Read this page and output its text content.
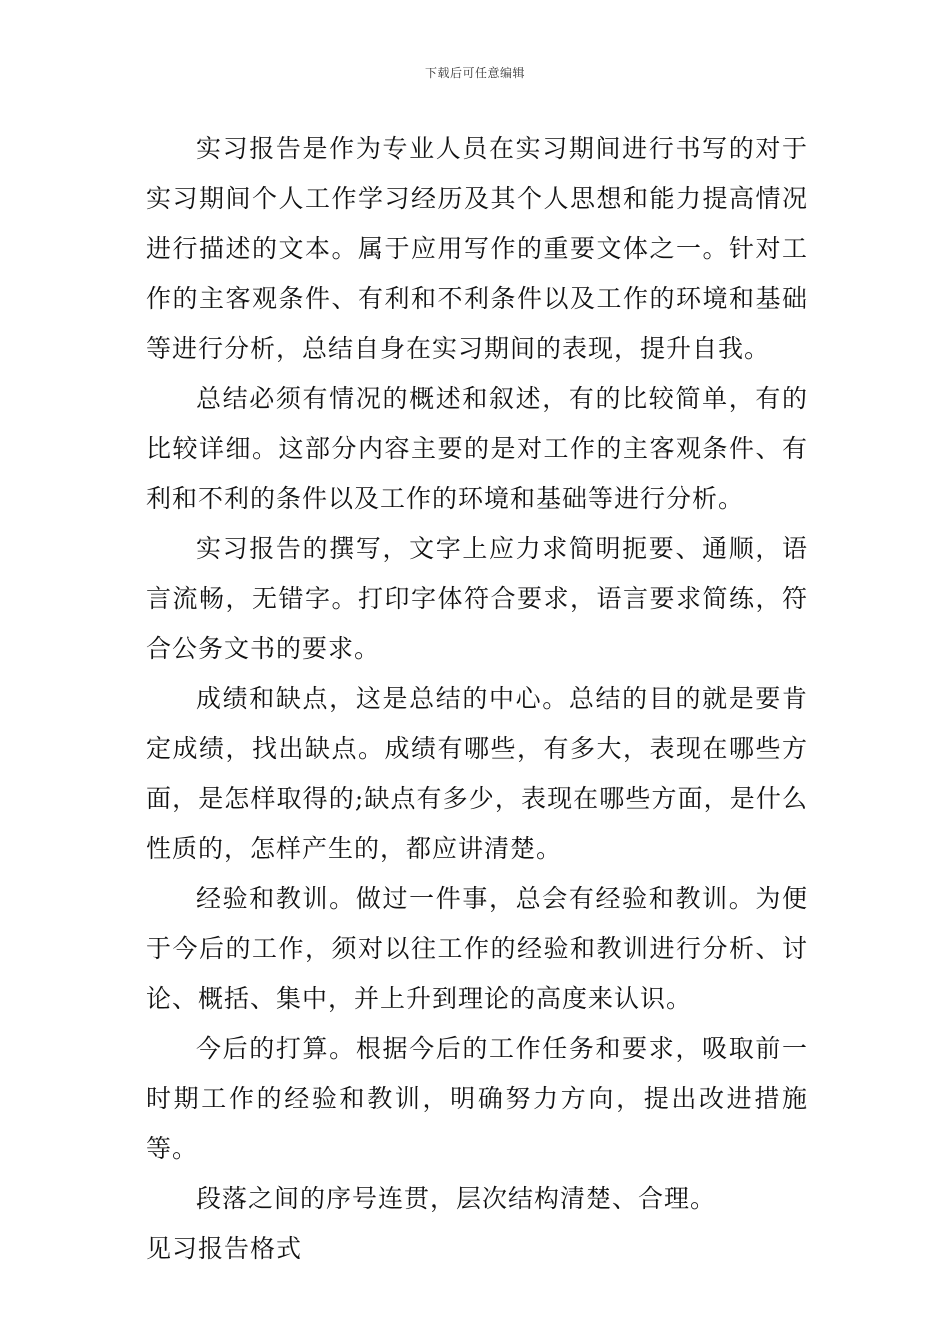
下载后可任意编辑

实习报告是作为专业人员在实习期间进行书写的对于实习期间个人工作学习经历及其个人思想和能力提高情况进行描述的文本。属于应用写作的重要文体之一。针对工作的主客观条件、有利和不利条件以及工作的环境和基础等进行分析，总结自身在实习期间的表现，提升自我。

总结必须有情况的概述和叙述，有的比较简单，有的比较详细。这部分内容主要的是对工作的主客观条件、有利和不利的条件以及工作的环境和基础等进行分析。

实习报告的撰写，文字上应力求简明扼要、通顺，语言流畅，无错字。打印字体符合要求，语言要求简练，符合公务文书的要求。

成绩和缺点，这是总结的中心。总结的目的就是要肯定成绩，找出缺点。成绩有哪些，有多大，表现在哪些方面，是怎样取得的;缺点有多少，表现在哪些方面，是什么性质的，怎样产生的，都应讲清楚。

经验和教训。做过一件事，总会有经验和教训。为便于今后的工作，须对以往工作的经验和教训进行分析、讨论、概括、集中，并上升到理论的高度来认识。

今后的打算。根据今后的工作任务和要求，吸取前一时期工作的经验和教训，明确努力方向，提出改进措施等。

段落之间的序号连贯，层次结构清楚、合理。

见习报告格式
